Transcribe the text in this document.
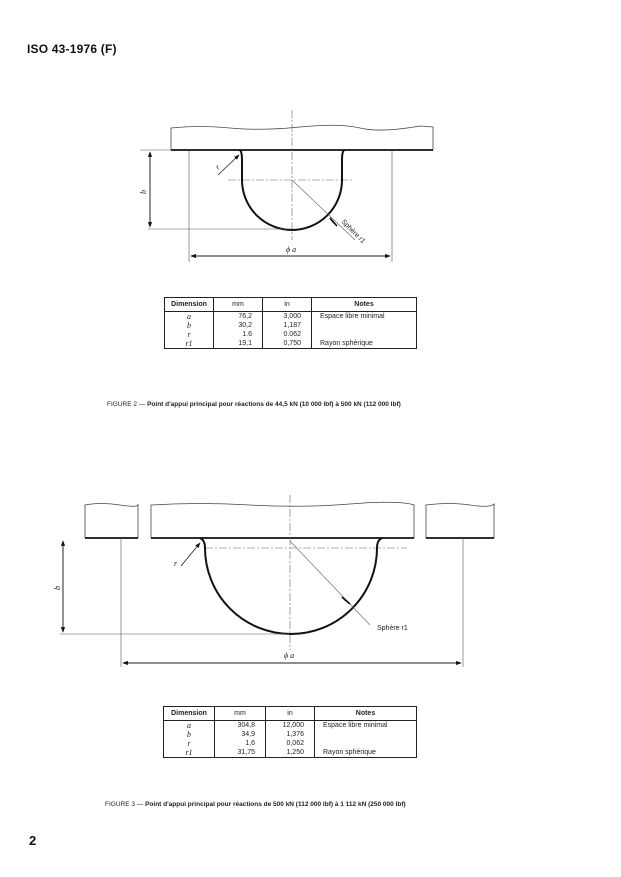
ISO 43-1976 (F)
ϕ a
b
r
Sphère r1
Dimension	mm	in	Notes
a	76,2	3,000	Espace libre minimal
b	30,2	1,187	
r	1.6	0.062	
r1	19,1	0,750	Rayon sphérique
FIGURE 2 — Point d'appui principal pour réactions de 44,5 kN (10 000 lbf) à 500 kN (112 000 lbf)
ϕ a
b
r
Sphère r1
Dimension	mm	in	Notes
a	304,8	12,000	Espace libre minimal
b	34,9	1,376	
r	1,6	0,062	
r1	31,75	1,250	Rayon sphérique
FIGURE 3 — Point d'appui principal pour réactions de 500 kN (112 000 lbf) à 1 112 kN (250 000 lbf)
2
